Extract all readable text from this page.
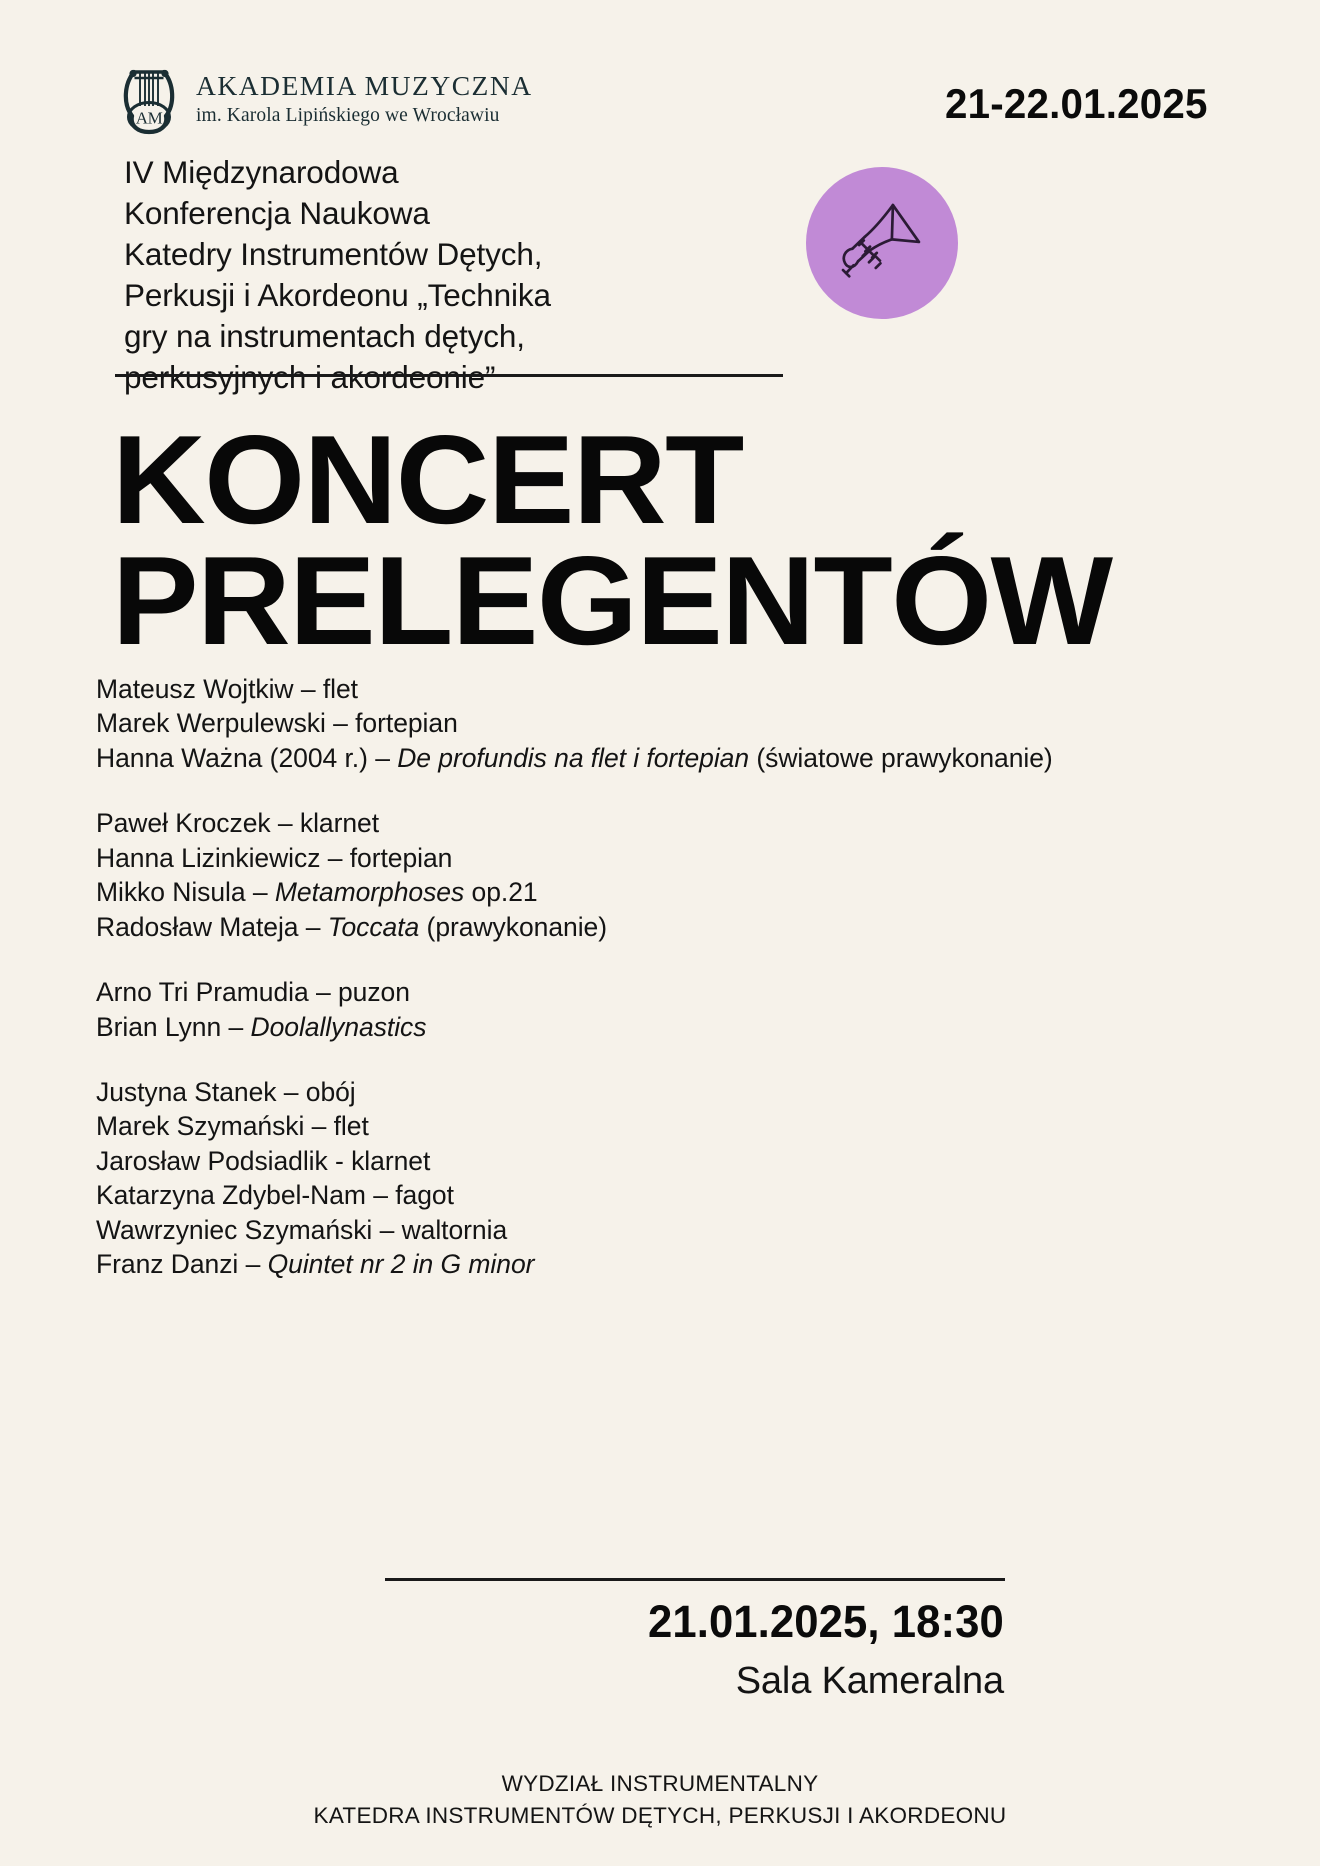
AM
AKADEMIA MUZYCZNA
im. Karola Lipińskiego we Wrocławiu	21-22.01.2025
IV Międzynarodowa
Konferencja Naukowa
Katedry Instrumentów Dętych,
Perkusji i Akordeonu „Technika
gry na instrumentach dętych,
perkusyjnych i akordeonie”
KONCERT
PRELEGENTÓW
Mateusz Wojtkiw – flet
Marek Werpulewski – fortepian
Hanna Ważna (2004 r.) – De profundis na flet i fortepian (światowe prawykonanie)
Paweł Kroczek – klarnet
Hanna Lizinkiewicz – fortepian
Mikko Nisula – Metamorphoses op.21
Radosław Mateja – Toccata (prawykonanie)
Arno Tri Pramudia – puzon
Brian Lynn – Doolallynastics
Justyna Stanek – obój
Marek Szymański – flet
Jarosław Podsiadlik - klarnet
Katarzyna Zdybel-Nam – fagot
Wawrzyniec Szymański – waltornia
Franz Danzi – Quintet nr 2 in G minor
21.01.2025, 18:30
Sala Kameralna
WYDZIAŁ INSTRUMENTALNY
KATEDRA INSTRUMENTÓW DĘTYCH, PERKUSJI I AKORDEONU
